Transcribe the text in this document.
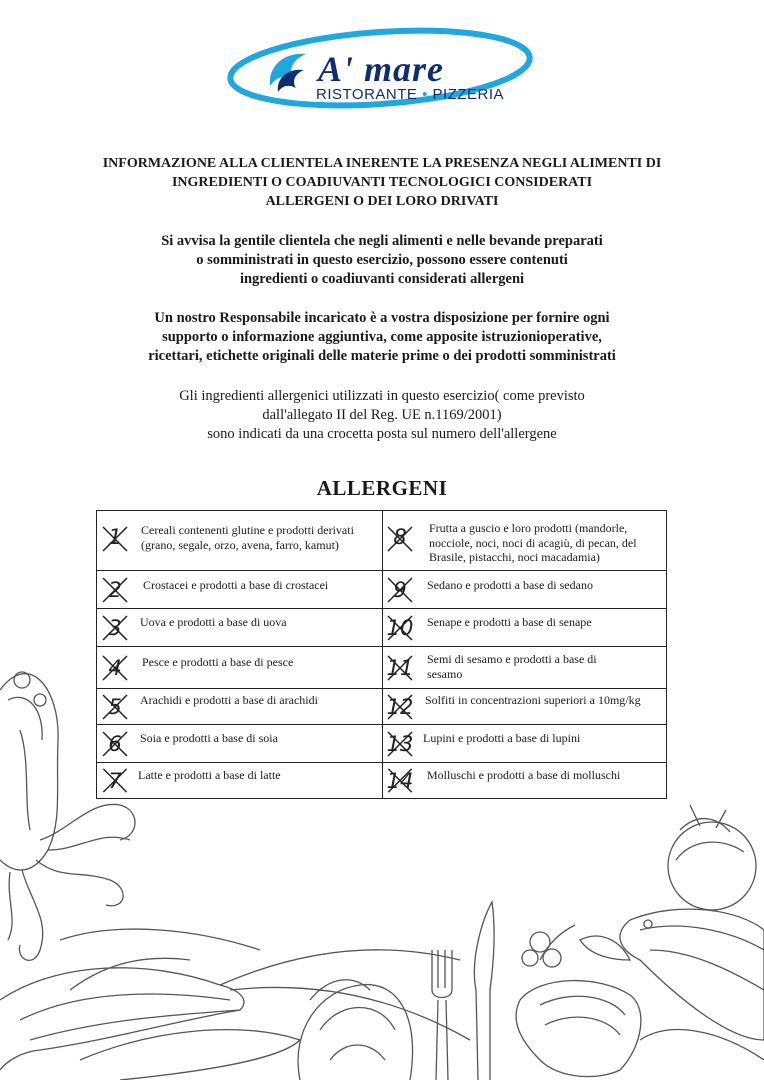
A' mare
RISTORANTE • PIZZERIA
INFORMAZIONE ALLA CLIENTELA INERENTE LA PRESENZA NEGLI ALIMENTI DI
INGREDIENTI O COADIUVANTI TECNOLOGICI CONSIDERATI
ALLERGENI O DEI LORO DRIVATI
Si avvisa la gentile clientela che negli alimenti e nelle bevande preparati
o somministrati in questo esercizio, possono essere contenuti
ingredienti o coadiuvanti considerati allergeni
Un nostro Responsabile incaricato è a vostra disposizione per fornire ogni
supporto o informazione aggiuntiva, come apposite istruzionioperative,
ricettari, etichette originali delle materie prime o dei prodotti somministrati
Gli ingredienti allergenici utilizzati in questo esercizio( come previsto
dall'allegato II del Reg. UE n.1169/2001)
sono indicati da una crocetta posta sul numero dell'allergene
ALLERGENI
1	Cereali contenenti glutine e prodotti derivati
(grano, segale, orzo, avena, farro, kamut)	8	Frutta a guscio e loro prodotti (mandorle,
nocciole, noci, noci di acagiù, di pecan, del
Brasile, pistacchi, noci macadamia)
2	Crostacei e prodotti a base di crostacei	9	Sedano e prodotti a base di sedano
3	Uova e prodotti a base di uova	10	Senape e prodotti a base di senape
4	Pesce e prodotti a base di pesce	11	Semi di sesamo e prodotti a base di
sesamo
5	Arachidi e prodotti a base di arachidi	12 Solfiti in concentrazioni superiori a 10mg/kg
6	Soia e prodotti a base di soia	13 Lupini e prodotti a base di lupini
7	Latte e prodotti a base di latte	14	Molluschi e prodotti a base di molluschi
